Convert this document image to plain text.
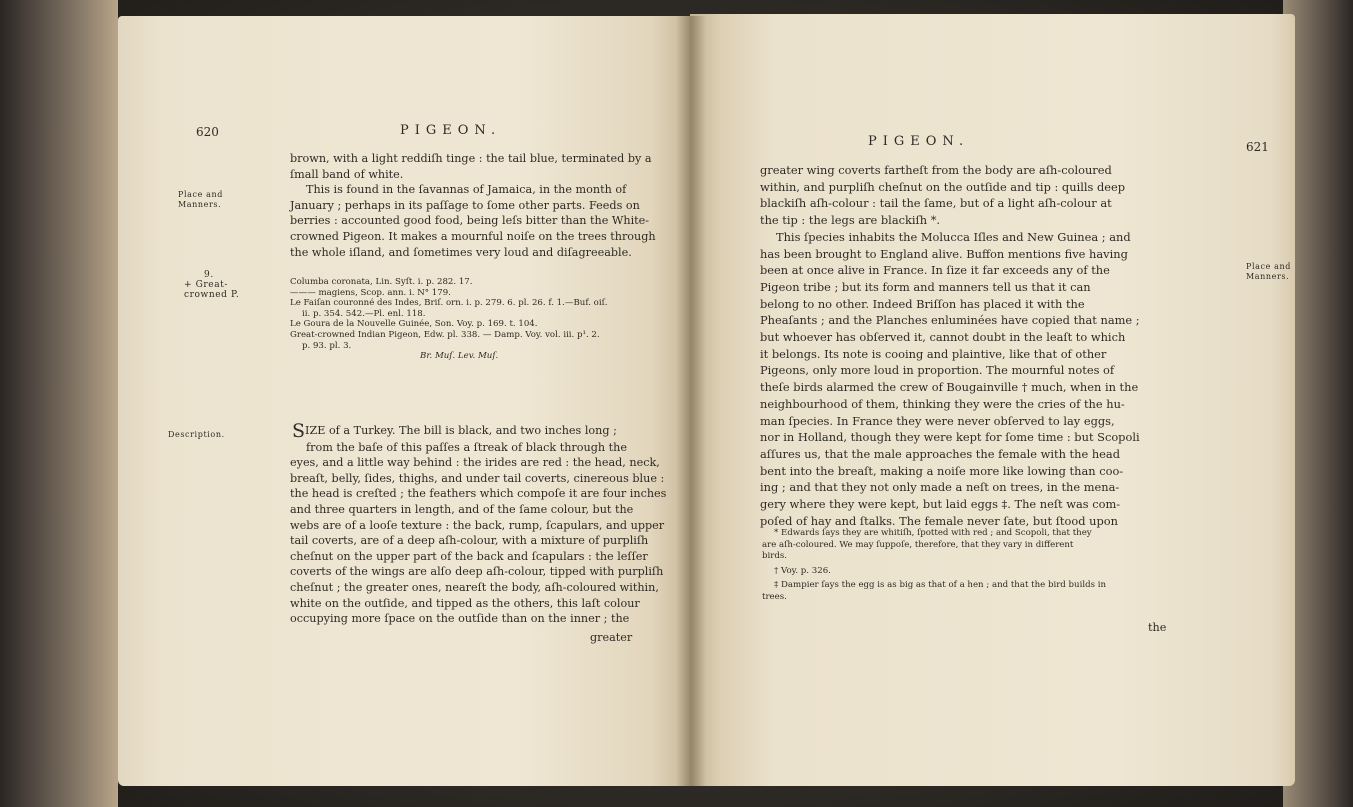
620	PIGEON.
Place and
Manners.
brown, with a light reddiſh tinge : the tail blue, terminated by a
ſmall band of white.
This is found in the ſavannas of Jamaica, in the month of
January ; perhaps in its paſſage to ſome other parts. Feeds on
berries : accounted good food, being leſs bitter than the White-
crowned Pigeon. It makes a mournful noiſe on the trees through
the whole iſland, and ſometimes very loud and diſagreeable.
9.
+ Great-
crowned P.
Columba coronata, Lin. Syſt. i. p. 282. 17.
——— magiens, Scop. ann. i. N° 179.
Le Faiſan couronné des Indes, Briſ. orn. i. p. 279. 6. pl. 26. f. 1.—Buf. oiſ.
ii. p. 354. 542.—Pl. enl. 118.
Le Goura de la Nouvelle Guinée, Son. Voy. p. 169. t. 104.
Great-crowned Indian Pigeon, Edw. pl. 338. — Damp. Voy. vol. iii. p¹. 2.
p. 93. pl. 3.
Br. Muſ. Lev. Muſ.
Description.	SIZE of a Turkey. The bill is black, and two inches long ;
from the baſe of this paſſes a ſtreak of black through the
eyes, and a little way behind : the irides are red : the head, neck,
breaſt, belly, ſides, thighs, and under tail coverts, cinereous blue :
the head is creſted ; the feathers which compoſe it are four inches
and three quarters in length, and of the ſame colour, but the
webs are of a looſe texture : the back, rump, ſcapulars, and upper
tail coverts, are of a deep aſh-colour, with a mixture of purpliſh
cheſnut on the upper part of the back and ſcapulars : the leſſer
coverts of the wings are alſo deep aſh-colour, tipped with purpliſh
cheſnut ; the greater ones, neareſt the body, aſh-coloured within,
white on the outſide, and tipped as the others, this laſt colour
occupying more ſpace on the outſide than on the inner ; the
greater
PIGEON.	621
Place and
Manners.
greater wing coverts fartheſt from the body are aſh-coloured
within, and purpliſh cheſnut on the outſide and tip : quills deep
blackiſh aſh-colour : tail the ſame, but of a light aſh-colour at
the tip : the legs are blackiſh *.
This ſpecies inhabits the Molucca Iſles and New Guinea ; and
has been brought to England alive. Buffon mentions five having
been at once alive in France. In ſize it far exceeds any of the
Pigeon tribe ; but its form and manners tell us that it can
belong to no other. Indeed Briſſon has placed it with the
Pheaſants ; and the Planches enluminées have copied that name ;
but whoever has obſerved it, cannot doubt in the leaſt to which
it belongs. Its note is cooing and plaintive, like that of other
Pigeons, only more loud in proportion. The mournful notes of
theſe birds alarmed the crew of Bougainville † much, when in the
neighbourhood of them, thinking they were the cries of the hu-
man ſpecies. In France they were never obſerved to lay eggs,
nor in Holland, though they were kept for ſome time : but Scopoli
aſſures us, that the male approaches the female with the head
bent into the breaſt, making a noiſe more like lowing than coo-
ing ; and that they not only made a neſt on trees, in the mena-
gery where they were kept, but laid eggs ‡. The neſt was com-
poſed of hay and ſtalks. The female never ſate, but ſtood upon
* Edwards ſays they are whitiſh, ſpotted with red ; and Scopoli, that they
are aſh-coloured. We may ſuppoſe, therefore, that they vary in different
birds.
† Voy. p. 326.
‡ Dampier ſays the egg is as big as that of a hen ; and that the bird builds in
trees.
the
